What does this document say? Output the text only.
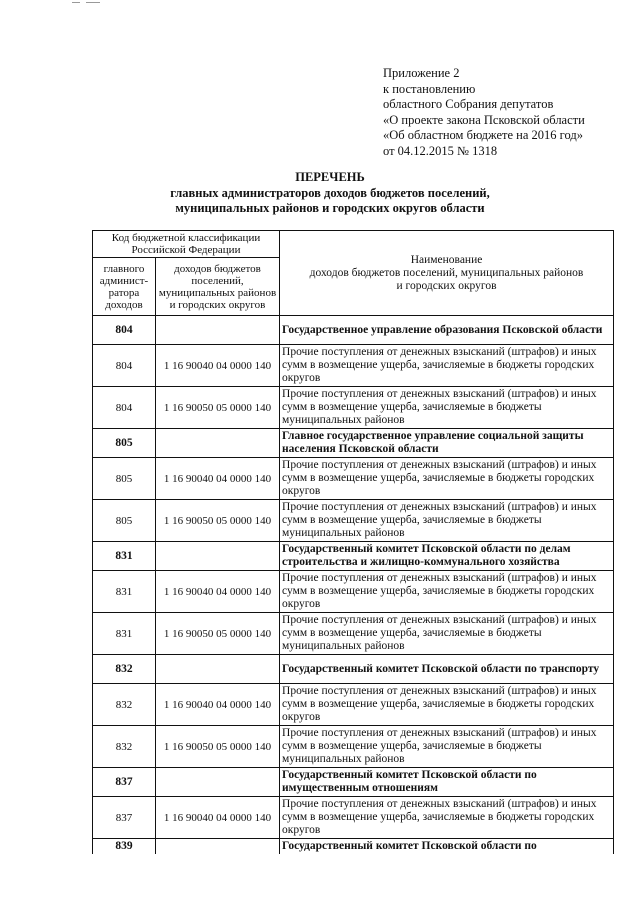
Приложение 2
к постановлению
областного Собрания депутатов
«О проекте закона Псковской области
«Об областном бюджете на 2016 год»
от 04.12.2015 № 1318
ПЕРЕЧЕНЬ
главных администраторов доходов бюджетов поселений,
муниципальных районов и городских округов области
Код бюджетной классификации Российской Федерации		Наименование
доходов бюджетов поселений, муниципальных районов
и городских округов

главного админист-ратора доходов	доходов бюджетов поселений, муниципальных районов и городских округов	
804		Государственное управление образования Псковской области
804	1 16 90040 04 0000 140	Прочие поступления от денежных взысканий (штрафов) и иных сумм в возмещение ущерба, зачисляемые в бюджеты городских округов
804	1 16 90050 05 0000 140	Прочие поступления от денежных взысканий (штрафов) и иных сумм в возмещение ущерба, зачисляемые в бюджеты муниципальных районов
805		Главное государственное управление социальной защиты населения Псковской области
805	1 16 90040 04 0000 140	Прочие поступления от денежных взысканий (штрафов) и иных сумм в возмещение ущерба, зачисляемые в бюджеты городских округов
805	1 16 90050 05 0000 140	Прочие поступления от денежных взысканий (штрафов) и иных сумм в возмещение ущерба, зачисляемые в бюджеты муниципальных районов
831		Государственный комитет Псковской области по делам строительства и жилищно-коммунального хозяйства
831	1 16 90040 04 0000 140	Прочие поступления от денежных взысканий (штрафов) и иных сумм в возмещение ущерба, зачисляемые в бюджеты городских округов
831	1 16 90050 05 0000 140	Прочие поступления от денежных взысканий (штрафов) и иных сумм в возмещение ущерба, зачисляемые в бюджеты муниципальных районов
832		Государственный комитет Псковской области по транспорту
832	1 16 90040 04 0000 140	Прочие поступления от денежных взысканий (штрафов) и иных сумм в возмещение ущерба, зачисляемые в бюджеты городских округов
832	1 16 90050 05 0000 140	Прочие поступления от денежных взысканий (штрафов) и иных сумм в возмещение ущерба, зачисляемые в бюджеты муниципальных районов
837		Государственный комитет Псковской области по имущественным отношениям
837	1 16 90040 04 0000 140	Прочие поступления от денежных взысканий (штрафов) и иных сумм в возмещение ущерба, зачисляемые в бюджеты городских округов
839		Государственный комитет Псковской области по
